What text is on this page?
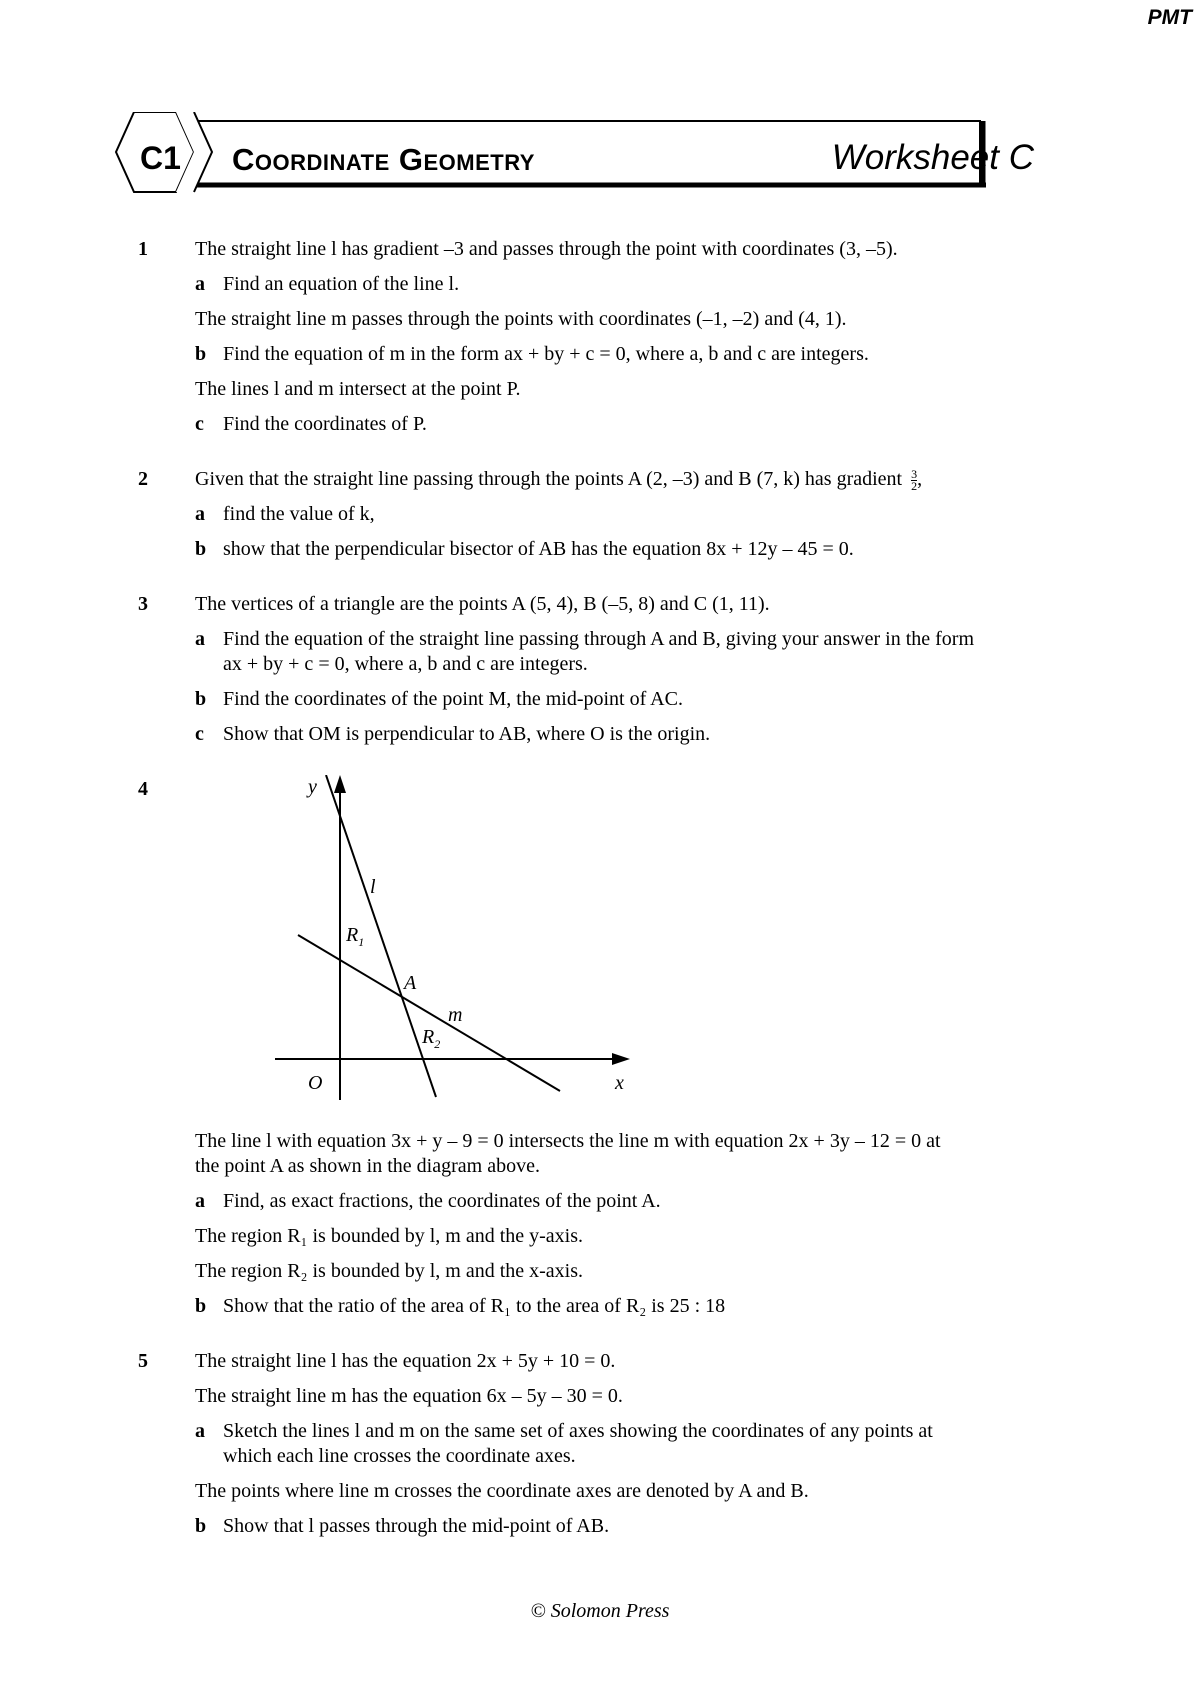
PMT
C1 Coordinate Geometry	Worksheet C
1 The straight line l has gradient –3 and passes through the point with coordinates (3, –5).
a Find an equation of the line l.
The straight line m passes through the points with coordinates (–1, –2) and (4, 1).
b Find the equation of m in the form ax + by + c = 0, where a, b and c are integers.
The lines l and m intersect at the point P.
c Find the coordinates of P.
2 Given that the straight line passing through the points A (2, –3) and B (7, k) has gradient $\frac{3}{2}$ ,
a find the value of k,
b show that the perpendicular bisector of AB has the equation 8x + 12y – 45 = 0.
3 The vertices of a triangle are the points A (5, 4), B (–5, 8) and C (1, 11).
a Find the equation of the straight line passing through A and B, giving your answer in the form
ax + by + c = 0, where a, b and c are integers.
b Find the coordinates of the point M, the mid-point of AC.
c Show that OM is perpendicular to AB, where O is the origin.
4	y
x
O
l
m
A
$R_1$
$R_2$
The line l with equation 3x + y – 9 = 0 intersects the line m with equation 2x + 3y – 12 = 0 at
the point A as shown in the diagram above.
a Find, as exact fractions, the coordinates of the point A.
The region R₁ is bounded by l, m and the y-axis.
The region R₂ is bounded by l, m and the x-axis.
b Show that the ratio of the area of R₁ to the area of R₂ is 25 : 18
5 The straight line l has the equation 2x + 5y + 10 = 0.
The straight line m has the equation 6x – 5y – 30 = 0.
a Sketch the lines l and m on the same set of axes showing the coordinates of any points at
which each line crosses the coordinate axes.
The points where line m crosses the coordinate axes are denoted by A and B.
b Show that l passes through the mid-point of AB.
© Solomon Press
